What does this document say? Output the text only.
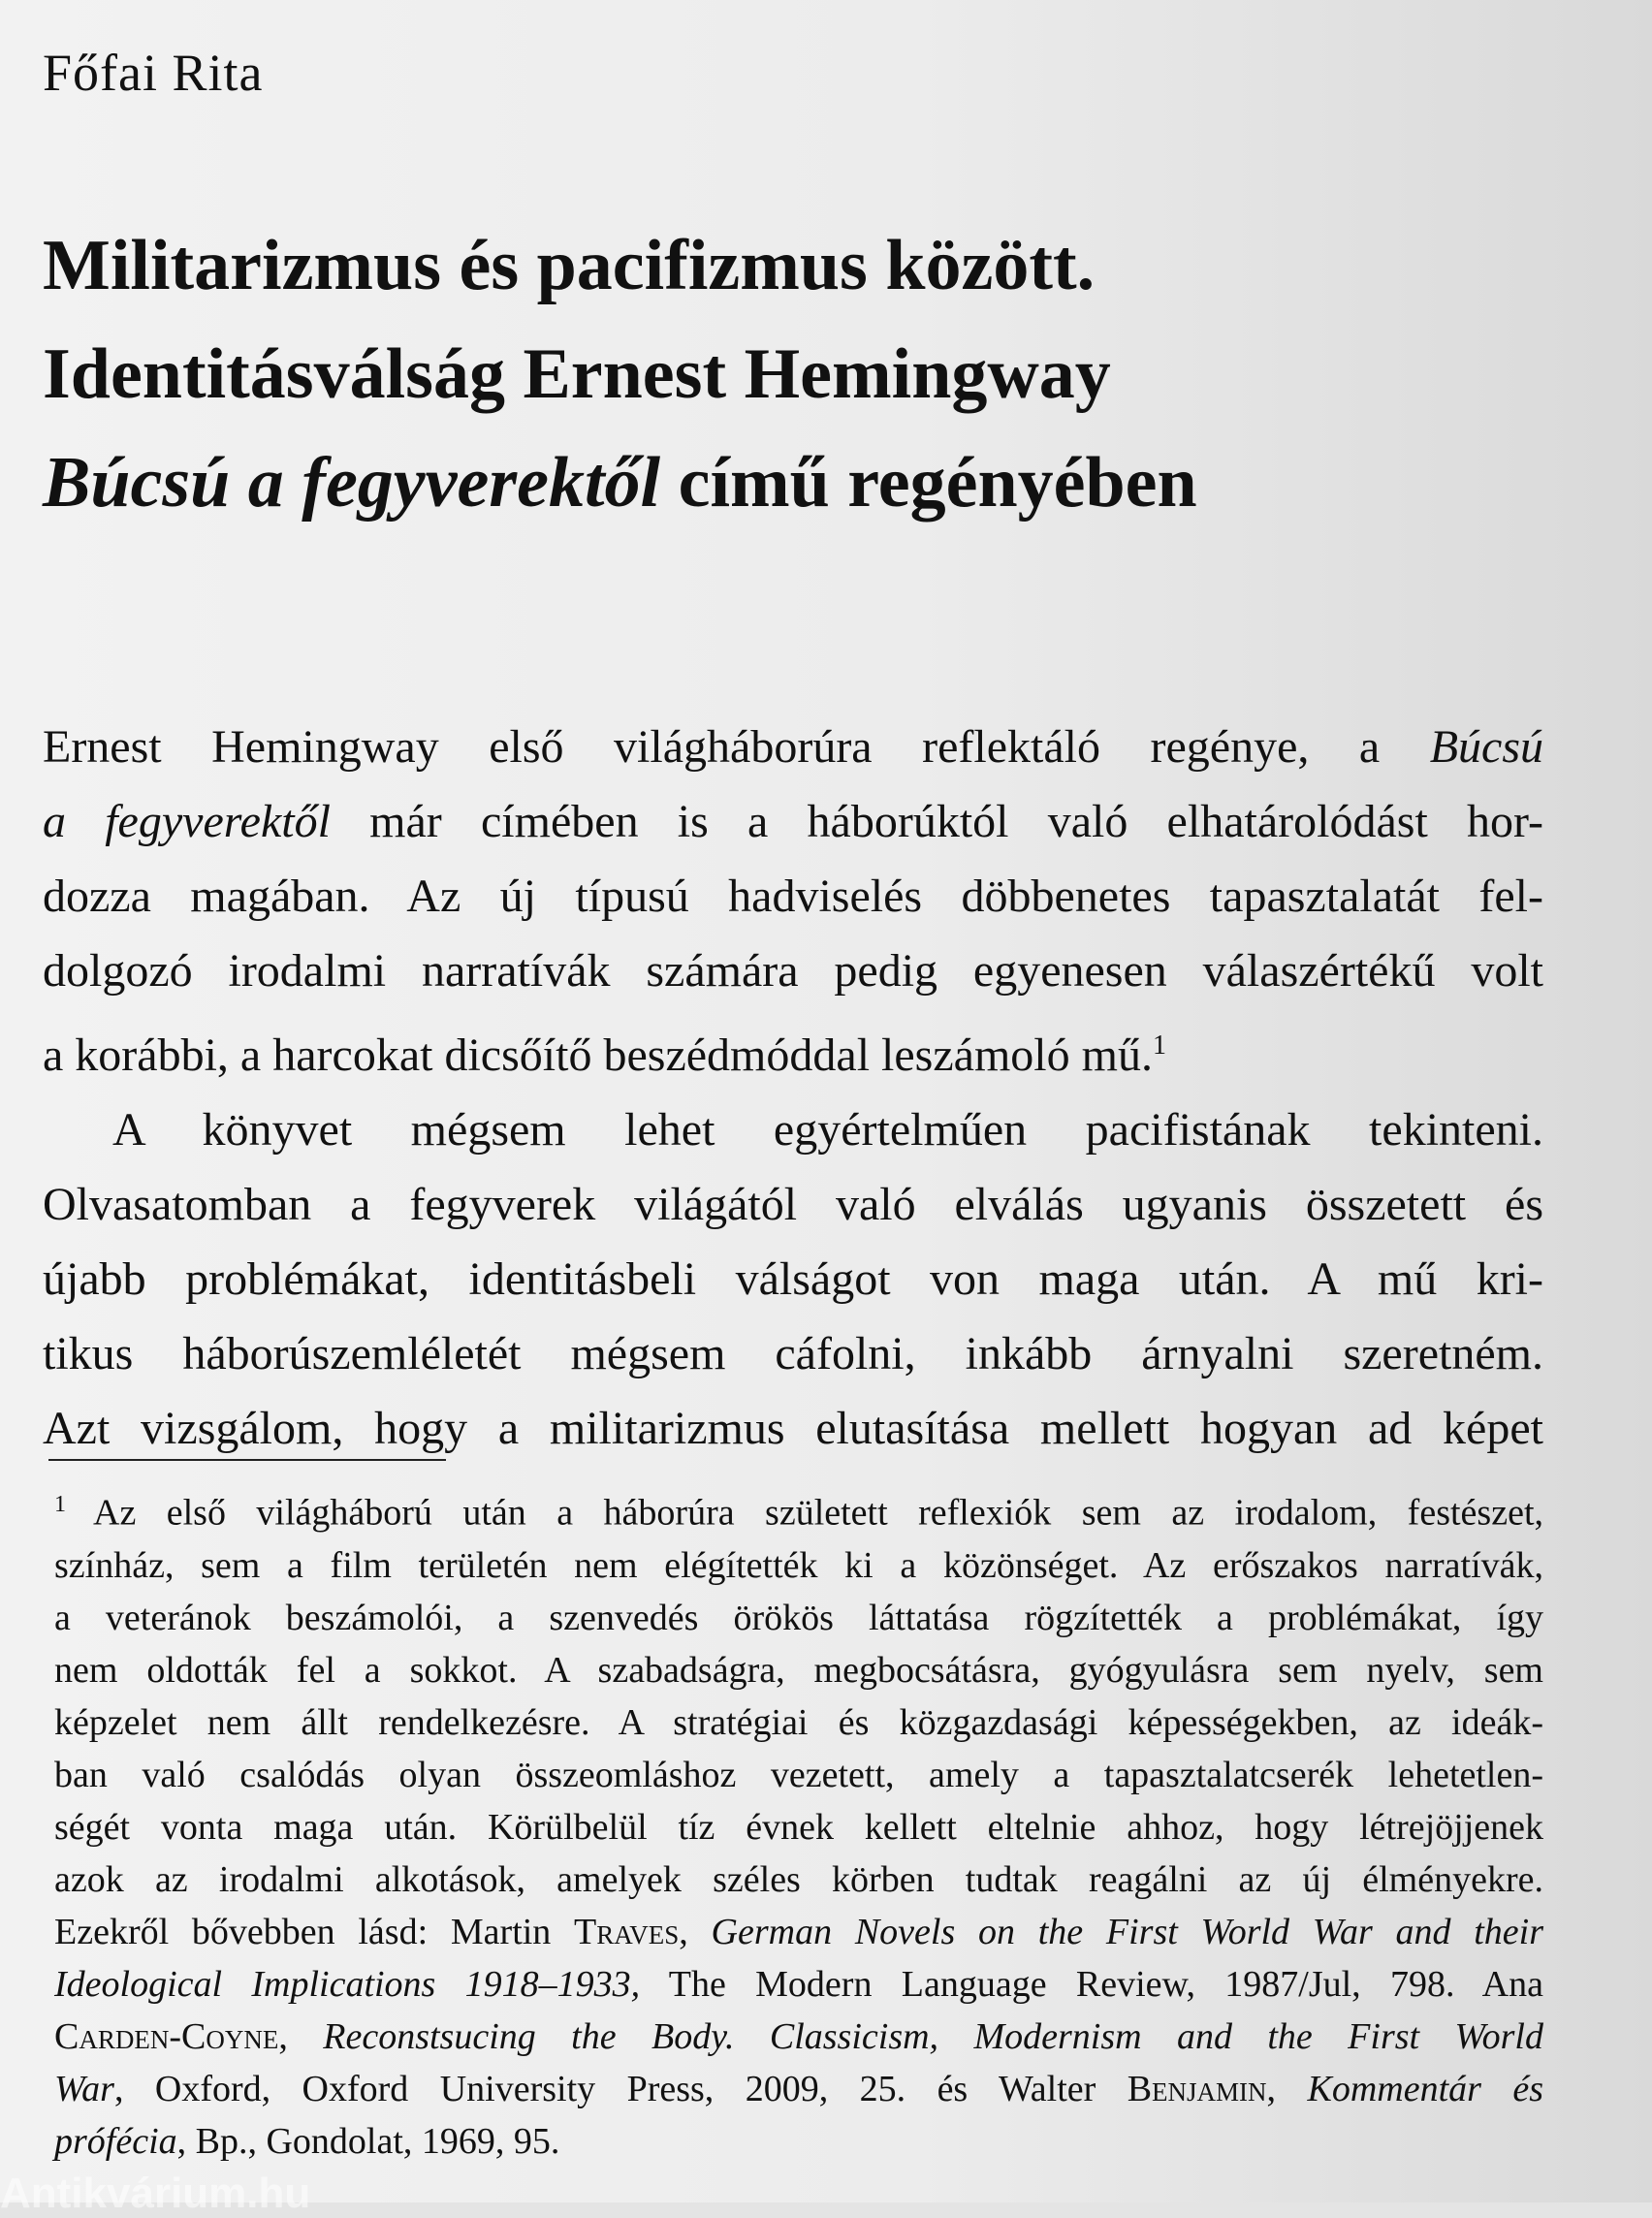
Főfai Rita
Militarizmus és pacifizmus között.
Identitásválság Ernest Hemingway
Búcsú a fegyverektől című regényében
Ernest Hemingway első világháborúra reflektáló regénye, a Búcsú
a fegyverektől már címében is a háborúktól való elhatárolódást hor-
dozza magában. Az új típusú hadviselés döbbenetes tapasztalatát fel-
dolgozó irodalmi narratívák számára pedig egyenesen válaszértékű volt
a korábbi, a harcokat dicsőítő beszédmóddal leszámoló mű.$^1$
A könyvet mégsem lehet egyértelműen pacifistának tekinteni.
Olvasatomban a fegyverek világától való elválás ugyanis összetett és
újabb problémákat, identitásbeli válságot von maga után. A mű kri-
tikus háborúszemléletét mégsem cáfolni, inkább árnyalni szeretném.
Azt vizsgálom, hogy a militarizmus elutasítása mellett hogyan ad képet
$^1$ Az első világháború után a háborúra született reflexiók sem az irodalom, festészet,
színház, sem a film területén nem elégítették ki a közönséget. Az erőszakos narratívák,
a veteránok beszámolói, a szenvedés örökös láttatása rögzítették a problémákat, így
nem oldották fel a sokkot. A szabadságra, megbocsátásra, gyógyulásra sem nyelv, sem
képzelet nem állt rendelkezésre. A stratégiai és közgazdasági képességekben, az ideák-
ban való csalódás olyan összeomláshoz vezetett, amely a tapasztalatcserék lehetetlen-
ségét vonta maga után. Körülbelül tíz évnek kellett eltelnie ahhoz, hogy létrejöjjenek
azok az irodalmi alkotások, amelyek széles körben tudtak reagálni az új élményekre.
Ezekről bővebben lásd: Martin Traves, German Novels on the First World War and their
Ideological Implications 1918–1933, The Modern Language Review, 1987/Jul, 798. Ana
Carden-Coyne, Reconstsucing the Body. Classicism, Modernism and the First World
War, Oxford, Oxford University Press, 2009, 25. és Walter Benjamin, Kommentár és
prófécia, Bp., Gondolat, 1969, 95.
Antikvárium.hu
